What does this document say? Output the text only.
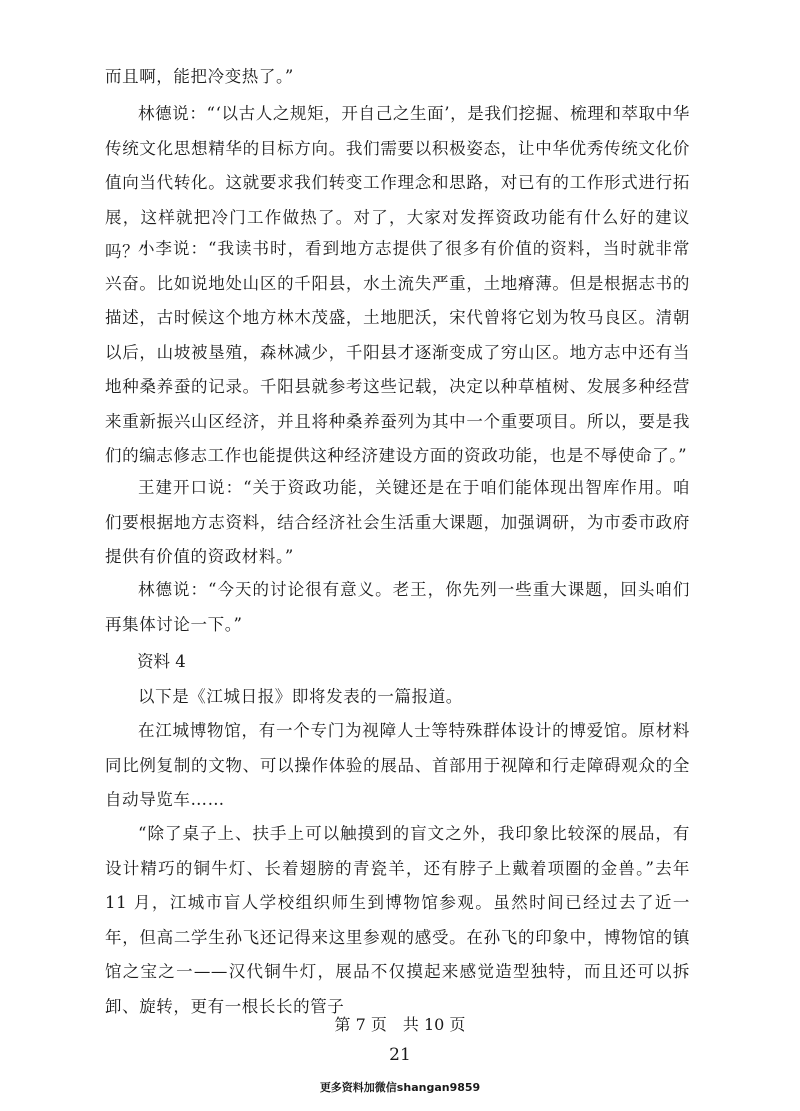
而且啊，能把冷变热了。”

林德说：“‘以古人之规矩，开自己之生面’，是我们挖掘、梳理和萃取中华传统文化思想精华的目标方向。我们需要以积极姿态，让中华优秀传统文化价值向当代转化。这就要求我们转变工作理念和思路，对已有的工作形式进行拓展，这样就把冷门工作做热了。对了，大家对发挥资政功能有什么好的建议吗？”

小李说：“我读书时，看到地方志提供了很多有价值的资料，当时就非常兴奋。比如说地处山区的千阳县，水土流失严重，土地瘠薄。但是根据志书的描述，古时候这个地方林木茂盛，土地肥沃，宋代曾将它划为牧马良区。清朝以后，山坡被垦殖，森林减少，千阳县才逐渐变成了穷山区。地方志中还有当地种桑养蚕的记录。千阳县就参考这些记载，决定以种草植树、发展多种经营来重新振兴山区经济，并且将种桑养蚕列为其中一个重要项目。所以，要是我们的编志修志工作也能提供这种经济建设方面的资政功能，也是不辱使命了。”

王建开口说：“关于资政功能，关键还是在于咱们能体现出智库作用。咱们要根据地方志资料，结合经济社会生活重大课题，加强调研，为市委市政府提供有价值的资政材料。”

林德说：“今天的讨论很有意义。老王，你先列一些重大课题，回头咱们再集体讨论一下。”

资料 4

以下是《江城日报》即将发表的一篇报道。

在江城博物馆，有一个专门为视障人士等特殊群体设计的博爱馆。原材料同比例复制的文物、可以操作体验的展品、首部用于视障和行走障碍观众的全自动导览车……

“除了桌子上、扶手上可以触摸到的盲文之外，我印象比较深的展品，有设计精巧的铜牛灯、长着翅膀的青瓷羊，还有脖子上戴着项圈的金兽。”去年 11 月，江城市盲人学校组织师生到博物馆参观。虽然时间已经过去了近一年，但高二学生孙飞还记得来这里参观的感受。在孙飞的印象中，博物馆的镇馆之宝之一——汉代铜牛灯，展品不仅摸起来感觉造型独特，而且还可以拆卸、旋转，更有一根长长的管子

第 7 页　共 10 页

21

更多资料加微信shangan9859
